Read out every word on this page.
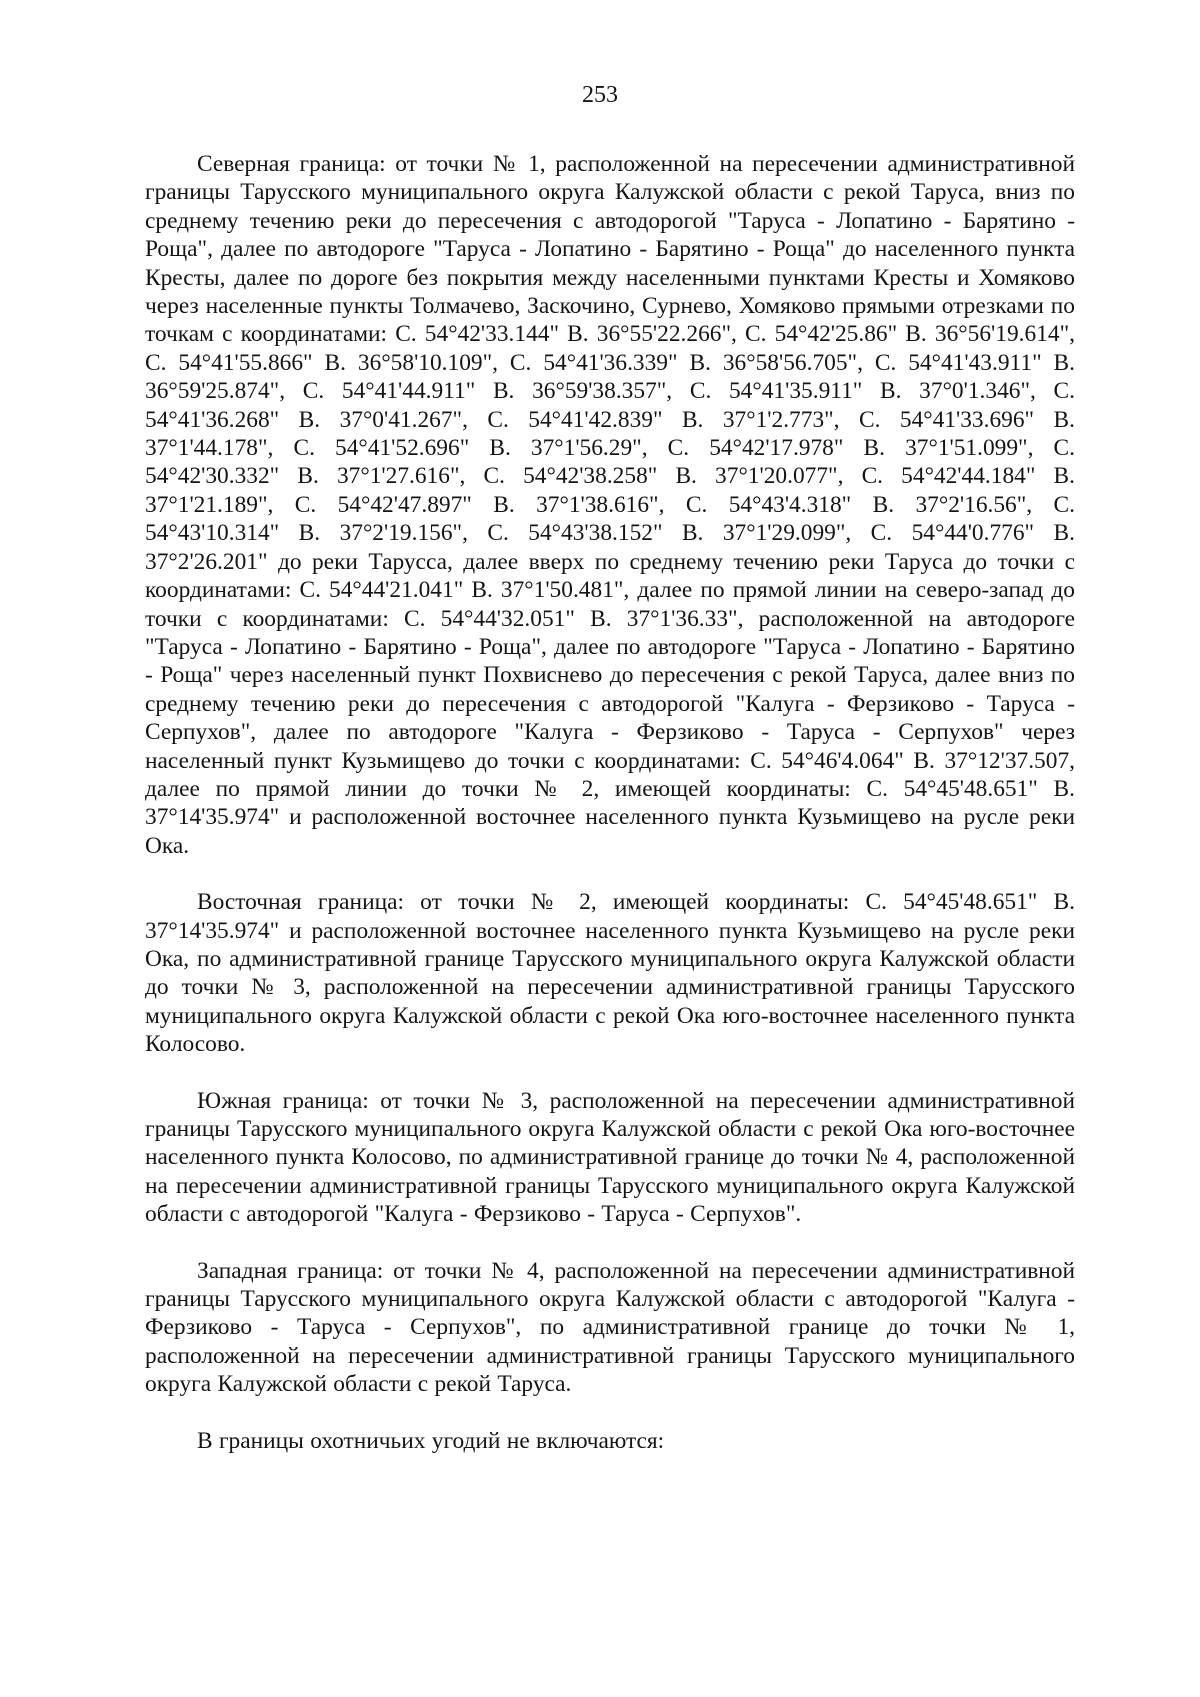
253

Северная граница: от точки № 1, расположенной на пересечении административной границы Тарусского муниципального округа Калужской области с рекой Таруса, вниз по среднему течению реки до пересечения с автодорогой "Таруса - Лопатино - Барятино - Роща", далее по автодороге "Таруса - Лопатино - Барятино - Роща" до населенного пункта Кресты, далее по дороге без покрытия между населенными пунктами Кресты и Хомяково через населенные пункты Толмачево, Заскочино, Сурнево, Хомяково прямыми отрезками по точкам с координатами: С. 54°42'33.144" В. 36°55'22.266", С. 54°42'25.86" В. 36°56'19.614", С. 54°41'55.866" В. 36°58'10.109", С. 54°41'36.339" В. 36°58'56.705", С. 54°41'43.911" В. 36°59'25.874", С. 54°41'44.911" В. 36°59'38.357", С. 54°41'35.911" В. 37°0'1.346", С. 54°41'36.268" В. 37°0'41.267", С. 54°41'42.839" В. 37°1'2.773", С. 54°41'33.696" В. 37°1'44.178", С. 54°41'52.696" В. 37°1'56.29", С. 54°42'17.978" В. 37°1'51.099", С. 54°42'30.332" В. 37°1'27.616", С. 54°42'38.258" В. 37°1'20.077", С. 54°42'44.184" В. 37°1'21.189", С. 54°42'47.897" В. 37°1'38.616", С. 54°43'4.318" В. 37°2'16.56", С. 54°43'10.314" В. 37°2'19.156", С. 54°43'38.152" В. 37°1'29.099", С. 54°44'0.776" В. 37°2'26.201" до реки Тарусса, далее вверх по среднему течению реки Таруса до точки с координатами: С. 54°44'21.041" В. 37°1'50.481", далее по прямой линии на северо-запад до точки с координатами: С. 54°44'32.051" В. 37°1'36.33", расположенной на автодороге "Таруса - Лопатино - Барятино - Роща", далее по автодороге "Таруса - Лопатино - Барятино - Роща" через населенный пункт Похвиснево до пересечения с рекой Таруса, далее вниз по среднему течению реки до пересечения с автодорогой "Калуга - Ферзиково - Таруса - Серпухов", далее по автодороге "Калуга - Ферзиково - Таруса - Серпухов" через населенный пункт Кузьмищево до точки с координатами: С. 54°46'4.064" В. 37°12'37.507, далее по прямой линии до точки № 2, имеющей координаты: С. 54°45'48.651" В. 37°14'35.974" и расположенной восточнее населенного пункта Кузьмищево на русле реки Ока.

Восточная граница: от точки № 2, имеющей координаты: С. 54°45'48.651" В. 37°14'35.974" и расположенной восточнее населенного пункта Кузьмищево на русле реки Ока, по административной границе Тарусского муниципального округа Калужской области до точки № 3, расположенной на пересечении административной границы Тарусского муниципального округа Калужской области с рекой Ока юго-восточнее населенного пункта Колосово.

Южная граница: от точки № 3, расположенной на пересечении административной границы Тарусского муниципального округа Калужской области с рекой Ока юго-восточнее населенного пункта Колосово, по административной границе до точки № 4, расположенной на пересечении административной границы Тарусского муниципального округа Калужской области с автодорогой "Калуга - Ферзиково - Таруса - Серпухов".

Западная граница: от точки № 4, расположенной на пересечении административной границы Тарусского муниципального округа Калужской области с автодорогой "Калуга - Ферзиково - Таруса - Серпухов", по административной границе до точки № 1, расположенной на пересечении административной границы Тарусского муниципального округа Калужской области с рекой Таруса.

В границы охотничьих угодий не включаются:
